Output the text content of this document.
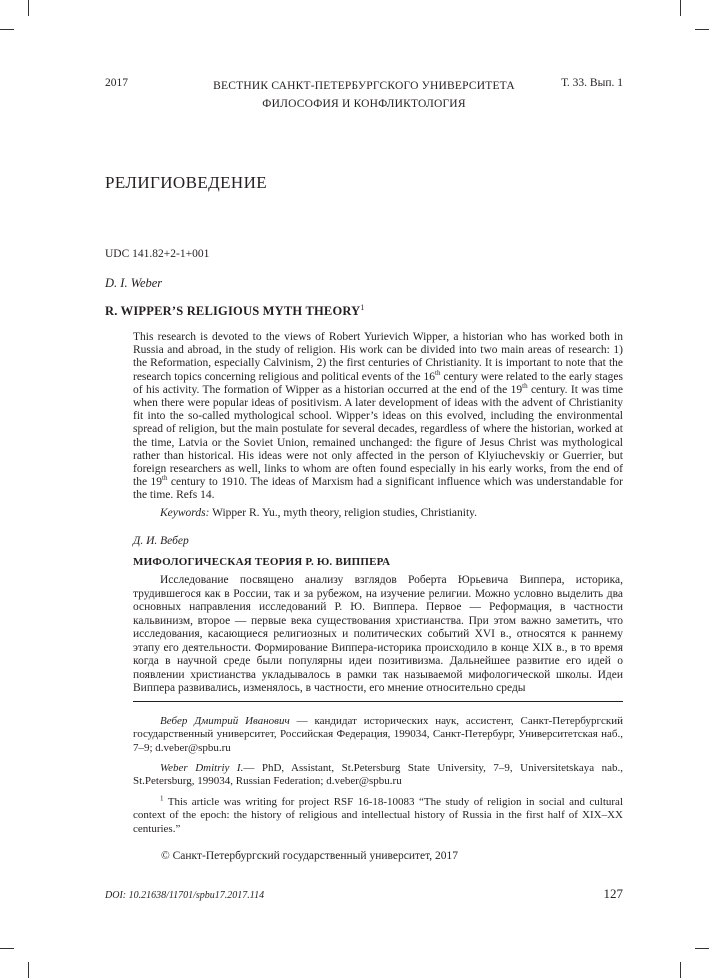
2017	ВЕСТНИК САНКТ-ПЕТЕРБУРГСКОГО УНИВЕРСИТЕТА
ФИЛОСОФИЯ И КОНФЛИКТОЛОГИЯ
Т. 33. Вып. 1
РЕЛИГИОВЕДЕНИЕ
UDC 141.82+2-1+001
D. I. Weber
R. WIPPER’S RELIGIOUS MYTH THEORY$^1$
This research is devoted to the views of Robert Yurievich Wipper, a historian who has worked both in Russia and abroad, in the study of religion. His work can be divided into two main areas of research: 1) the Reformation, especially Calvinism, 2) the first centuries of Christianity. It is important to note that the research topics concerning religious and political events of the 16th century were related to the early stages of his activity. The formation of Wipper as a historian occurred at the end of the 19th century. It was time when there were popular ideas of positivism. A later development of ideas with the advent of Christianity fit into the so-called mythological school. Wipper’s ideas on this evolved, including the environmental spread of religion, but the main postulate for several decades, regardless of where the historian, worked at the time, Latvia or the Soviet Union, remained unchanged: the figure of Jesus Christ was mythological rather than historical. His ideas were not only affected in the person of Klyiuchevskiy or Guerrier, but foreign researchers as well, links to whom are often found especially in his early works, from the end of the 19th century to 1910. The ideas of Marxism had a significant influence which was understandable for the time. Refs 14.
Keywords: Wipper R. Yu., myth theory, religion studies, Christianity.
Д. И. Вебер
МИФОЛОГИЧЕСКАЯ ТЕОРИЯ Р. Ю. ВИППЕРА
Исследование посвящено анализу взглядов Роберта Юрьевича Виппера, историка, трудившегося как в России, так и за рубежом, на изучение религии. Можно условно выделить два основных направления исследований Р. Ю. Виппера. Первое — Реформация, в частности кальвинизм, второе — первые века существования христианства. При этом важно заметить, что исследования, касающиеся религиозных и политических событий XVI в., относятся к раннему этапу его деятельности. Формирование Виппера-историка происходило в конце XIX в., в то время когда в научной среде были популярны идеи позитивизма. Дальнейшее развитие его идей о появлении христианства укладывалось в рамки так называемой мифологической школы. Идеи Виппера развивались, изменялось, в частности, его мнение относительно среды
Вебер Дмитрий Иванович — кандидат исторических наук, ассистент, Санкт-Петербургский государственный университет, Российская Федерация, 199034, Санкт-Петербург, Университетская наб., 7–9; d.veber@spbu.ru
Weber Dmitriy I.— PhD, Assistant, St.Petersburg State University, 7–9, Universitetskaya nab., St.Petersburg, 199034, Russian Federation; d.veber@spbu.ru
$^1$ This article was writing for project RSF 16-18-10083 “The study of religion in social and cultural context of the epoch: the history of religious and intellectual history of Russia in the first half of XIX–XX centuries.”
© Санкт-Петербургский государственный университет, 2017
DOI: 10.21638/11701/spbu17.2017.114	127
